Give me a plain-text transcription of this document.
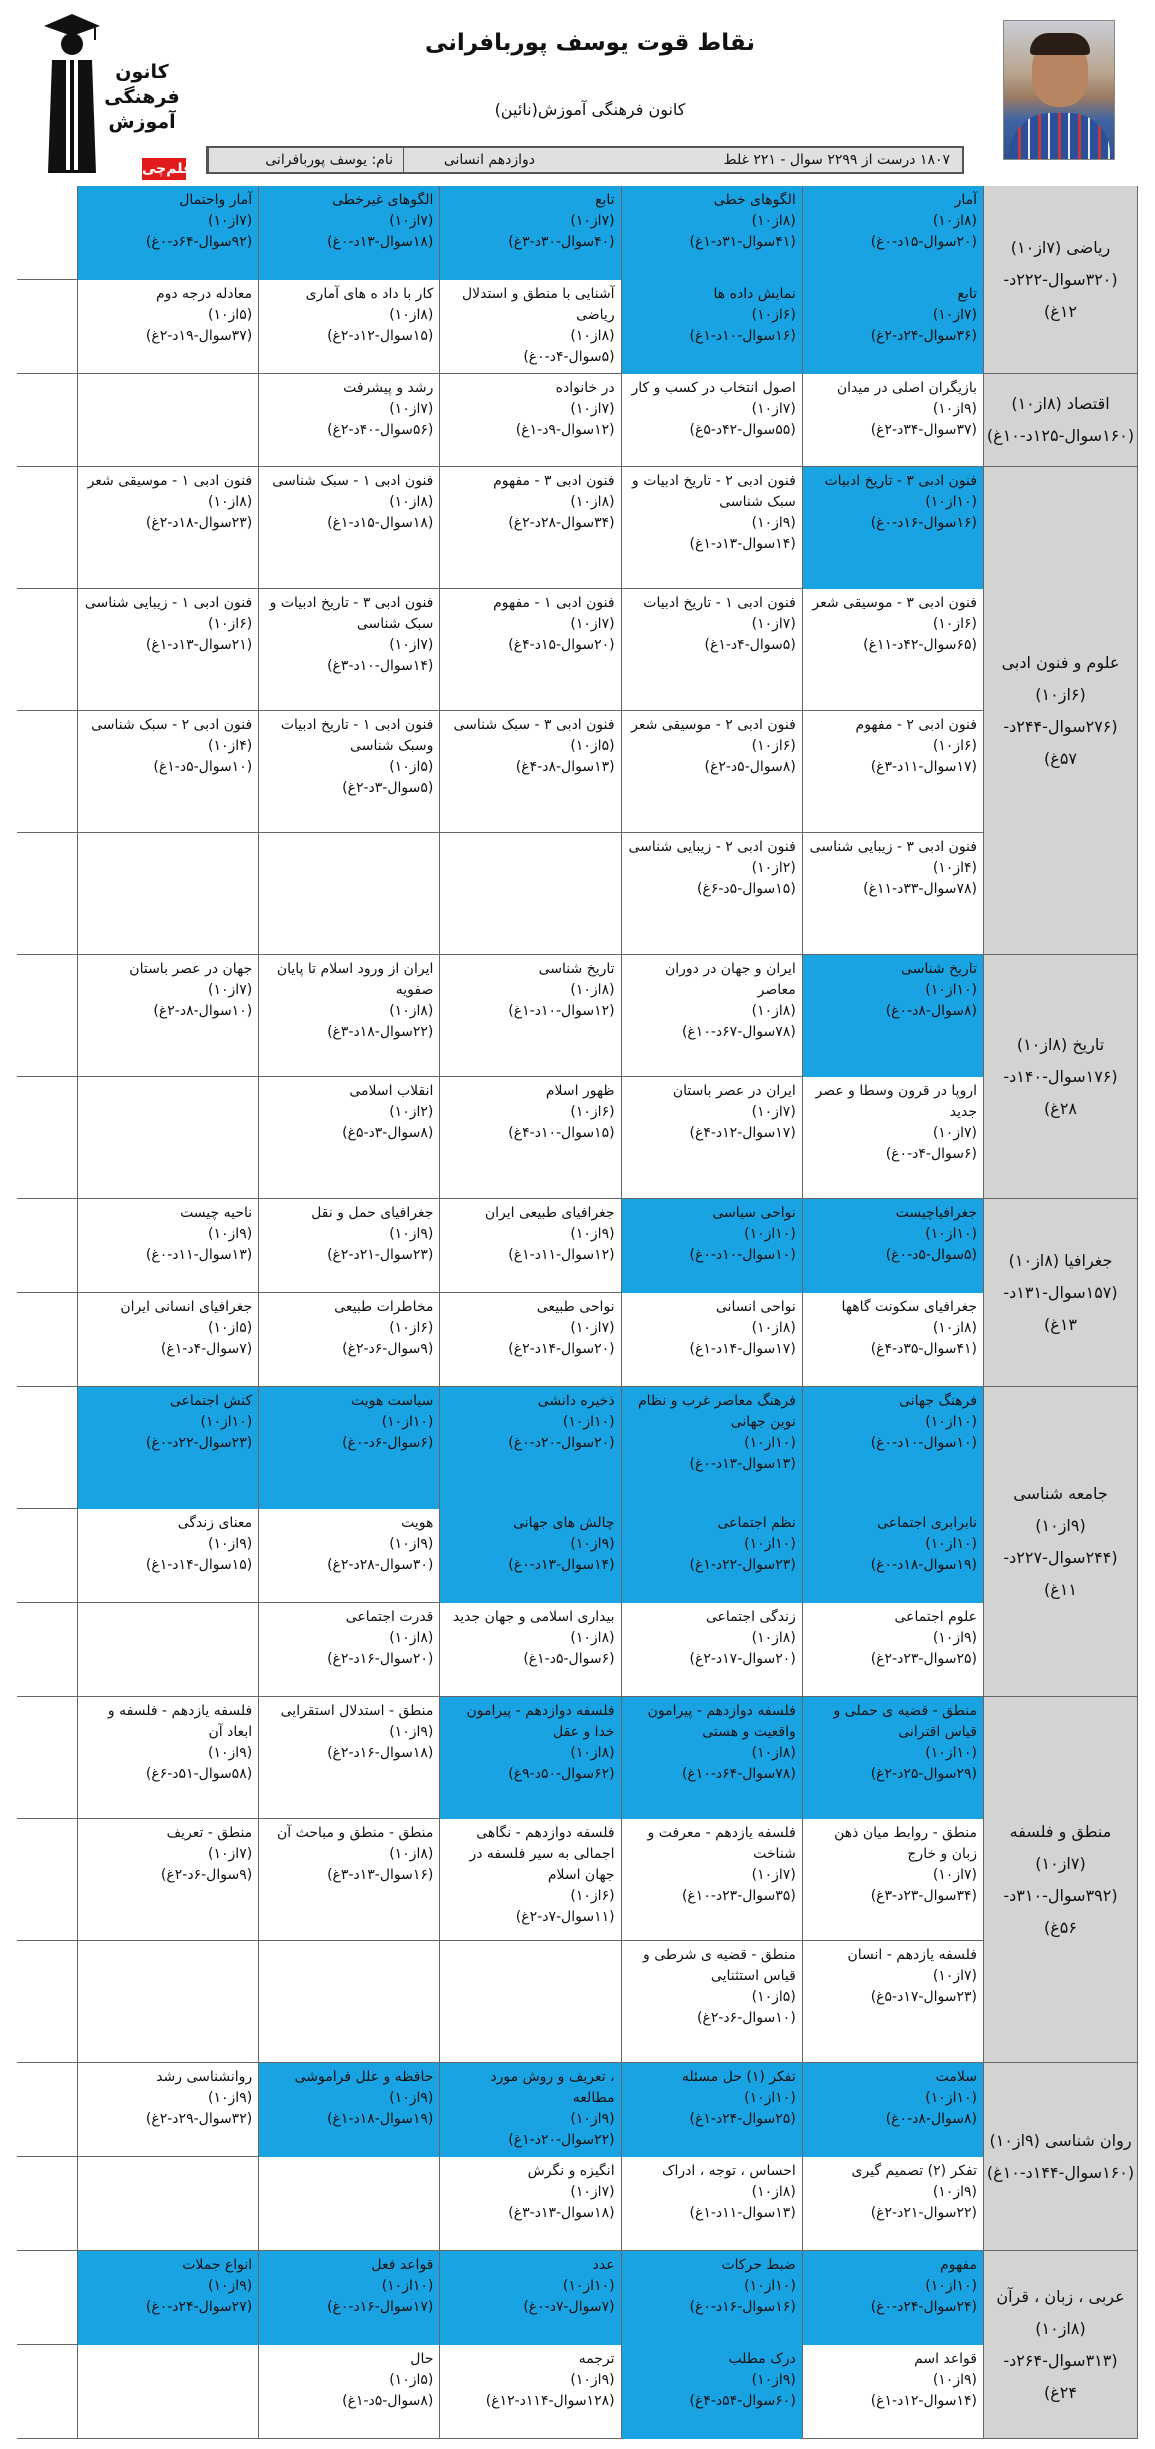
کانون
فرهنگی
آموزش
قلم‌چی
نقاط قوت یوسف پوربافرانی
کانون فرهنگی آموزش(نائین)
نام: یوسف پوربافرانی	دوازدهم انسانی	۱۸۰۷ درست از ۲۲۹۹ سوال - ۲۲۱ غلط
ریاضی (۷از۱۰)
(۳۲۰سوال-۲۲۲د-
۱۲غ)
آمار
(۸از۱۰)
(۲۰سوال-۱۵د-۰غ)
الگوهای خطی
(۸از۱۰)
(۴۱سوال-۳۱د-۱غ)
تابع
(۷از۱۰)
(۴۰سوال-۳۰د-۳غ)
الگوهای غیرخطی
(۷از۱۰)
(۱۸سوال-۱۳د-۰غ)
آمار واحتمال
(۷از۱۰)
(۹۲سوال-۶۴د-۰غ)
تابع
(۷از۱۰)
(۳۶سوال-۲۴د-۲غ)
نمایش داده ها
(۶از۱۰)
(۱۶سوال-۱۰د-۱غ)
آشنایی با منطق و استدلال ریاضی
(۸از۱۰)
(۵سوال-۴د-۰غ)
کار با داد ه های آماری
(۸از۱۰)
(۱۵سوال-۱۲د-۲غ)
معادله درجه دوم
(۵از۱۰)
(۳۷سوال-۱۹د-۲غ)
اقتصاد (۸از۱۰)
(۱۶۰سوال-۱۲۵د-۱۰غ)
بازیگران اصلی در میدان
(۹از۱۰)
(۳۷سوال-۳۴د-۲غ)
اصول انتخاب در کسب و کار
(۷از۱۰)
(۵۵سوال-۴۲د-۵غ)
در خانواده
(۷از۱۰)
(۱۲سوال-۹د-۱غ)
رشد و پیشرفت
(۷از۱۰)
(۵۶سوال-۴۰د-۲غ)
علوم و فنون ادبی
(۶از۱۰)
(۲۷۶سوال-۲۴۴د-
۵۷غ)
فنون ادبی ۳ - تاریخ ادبیات
(۱۰از۱۰)
(۱۶سوال-۱۶د-۰غ)
فنون ادبی ۲ - تاریخ ادبیات و سبک شناسی
(۹از۱۰)
(۱۴سوال-۱۳د-۱غ)
فنون ادبی ۳ - مفهوم
(۸از۱۰)
(۳۴سوال-۲۸د-۲غ)
فنون ادبی ۱ - سبک شناسی
(۸از۱۰)
(۱۸سوال-۱۵د-۱غ)
فنون ادبی ۱ - موسیقی شعر
(۸از۱۰)
(۲۳سوال-۱۸د-۲غ)
فنون ادبی ۳ - موسیقی شعر
(۶از۱۰)
(۶۵سوال-۴۲د-۱۱غ)
فنون ادبی ۱ - تاریخ ادبیات
(۷از۱۰)
(۵سوال-۴د-۱غ)
فنون ادبی ۱ - مفهوم
(۷از۱۰)
(۲۰سوال-۱۵د-۴غ)
فنون ادبی ۳ - تاریخ ادبیات و سبک شناسی
(۷از۱۰)
(۱۴سوال-۱۰د-۳غ)
فنون ادبی ۱ - زیبایی شناسی
(۶از۱۰)
(۲۱سوال-۱۳د-۱غ)
فنون ادبی ۲ - مفهوم
(۶از۱۰)
(۱۷سوال-۱۱د-۳غ)
فنون ادبی ۲ - موسیقی شعر
(۶از۱۰)
(۸سوال-۵د-۲غ)
فنون ادبی ۳ - سبک شناسی
(۵از۱۰)
(۱۳سوال-۸د-۴غ)
فنون ادبی ۱ - تاریخ ادبیات وسبک شناسی
(۵از۱۰)
(۵سوال-۳د-۲غ)
فنون ادبی ۲ - سبک شناسی
(۴از۱۰)
(۱۰سوال-۵د-۱غ)
فنون ادبی ۳ - زیبایی شناسی
(۴از۱۰)
(۷۸سوال-۳۳د-۱۱غ)
فنون ادبی ۲ - زیبایی شناسی
(۲از۱۰)
(۱۵سوال-۵د-۶غ)
تاریخ (۸از۱۰)
(۱۷۶سوال-۱۴۰د-
۲۸غ)
تاریخ شناسی
(۱۰از۱۰)
(۸سوال-۸د-۰غ)
ایران و جهان در دوران معاصر
(۸از۱۰)
(۷۸سوال-۶۷د-۱۰غ)
تاریخ شناسی
(۸از۱۰)
(۱۲سوال-۱۰د-۱غ)
ایران از ورود اسلام تا پایان صفویه
(۸از۱۰)
(۲۲سوال-۱۸د-۳غ)
جهان در عصر باستان
(۷از۱۰)
(۱۰سوال-۸د-۲غ)
اروپا در قرون وسطا و عصر جدید
(۷از۱۰)
(۶سوال-۴د-۰غ)
ایران در عصر باستان
(۷از۱۰)
(۱۷سوال-۱۲د-۴غ)
ظهور اسلام
(۶از۱۰)
(۱۵سوال-۱۰د-۴غ)
انقلاب اسلامی
(۲از۱۰)
(۸سوال-۳د-۵غ)
جغرافیا (۸از۱۰)
(۱۵۷سوال-۱۳۱د-
۱۳غ)
جغرافیاچیست
(۱۰از۱۰)
(۵سوال-۵د-۰غ)
نواحی سیاسی
(۱۰از۱۰)
(۱۰سوال-۱۰د-۰غ)
جغرافیای طبیعی ایران
(۹از۱۰)
(۱۲سوال-۱۱د-۱غ)
جغرافیای حمل و نقل
(۹از۱۰)
(۲۳سوال-۲۱د-۲غ)
ناحیه چیست
(۹از۱۰)
(۱۳سوال-۱۱د-۰غ)
جغرافیای سکونت گاهها
(۸از۱۰)
(۴۱سوال-۳۵د-۴غ)
نواحی انسانی
(۸از۱۰)
(۱۷سوال-۱۴د-۱غ)
نواحی طبیعی
(۷از۱۰)
(۲۰سوال-۱۴د-۲غ)
مخاطرات طبیعی
(۶از۱۰)
(۹سوال-۶د-۲غ)
جغرافیای انسانی ایران
(۵از۱۰)
(۷سوال-۴د-۱غ)
جامعه شناسی (۹از۱۰)
(۲۴۴سوال-۲۲۷د-
۱۱غ)
فرهنگ جهانی
(۱۰از۱۰)
(۱۰سوال-۱۰د-۰غ)
فرهنگ معاصر غرب و نظام نوین جهانی
(۱۰از۱۰)
(۱۳سوال-۱۳د-۰غ)
ذخیره دانشی
(۱۰از۱۰)
(۲۰سوال-۲۰د-۰غ)
سیاست هویت
(۱۰از۱۰)
(۶سوال-۶د-۰غ)
کنش اجتماعی
(۱۰از۱۰)
(۲۳سوال-۲۲د-۰غ)
نابرابری اجتماعی
(۱۰از۱۰)
(۱۹سوال-۱۸د-۰غ)
نظم اجتماعی
(۱۰از۱۰)
(۲۳سوال-۲۲د-۱غ)
چالش های جهانی
(۹از۱۰)
(۱۴سوال-۱۳د-۰غ)
هویت
(۹از۱۰)
(۳۰سوال-۲۸د-۲غ)
معنای زندگی
(۹از۱۰)
(۱۵سوال-۱۴د-۱غ)
علوم اجتماعی
(۹از۱۰)
(۲۵سوال-۲۳د-۲غ)
زندگی اجتماعی
(۸از۱۰)
(۲۰سوال-۱۷د-۲غ)
بیداری اسلامی و جهان جدید
(۸از۱۰)
(۶سوال-۵د-۱غ)
قدرت اجتماعی
(۸از۱۰)
(۲۰سوال-۱۶د-۲غ)
منطق و فلسفه (۷از۱۰)
(۳۹۲سوال-۳۱۰د-
۵۶غ)
منطق - قضیه ی حملی و قیاس اقترانی
(۱۰از۱۰)
(۲۹سوال-۲۵د-۲غ)
فلسفه دوازدهم - پیرامون واقعیت و هستی
(۸از۱۰)
(۷۸سوال-۶۴د-۱۰غ)
فلسفه دوازدهم - پیرامون خدا و عقل
(۸از۱۰)
(۶۲سوال-۵۰د-۹غ)
منطق - استدلال استقرایی
(۹از۱۰)
(۱۸سوال-۱۶د-۲غ)
فلسفه یازدهم - فلسفه و ابعاد آن
(۹از۱۰)
(۵۸سوال-۵۱د-۶غ)
منطق - روابط میان ذهن زبان و خارج
(۷از۱۰)
(۳۴سوال-۲۳د-۳غ)
فلسفه یازدهم - معرفت و شناخت
(۷از۱۰)
(۳۵سوال-۲۳د-۱۰غ)
فلسفه دوازدهم - نگاهی اجمالی به سیر فلسفه در جهان اسلام
(۶از۱۰)
(۱۱سوال-۷د-۲غ)
منطق - منطق و مباحث آن
(۸از۱۰)
(۱۶سوال-۱۳د-۳غ)
منطق - تعریف
(۷از۱۰)
(۹سوال-۶د-۲غ)
فلسفه یازدهم - انسان
(۷از۱۰)
(۲۳سوال-۱۷د-۵غ)
منطق - قضیه ی شرطی و قیاس استثنایی
(۵از۱۰)
(۱۰سوال-۶د-۲غ)
روان شناسی (۹از۱۰)
(۱۶۰سوال-۱۴۴د-۱۰غ)
سلامت
(۱۰از۱۰)
(۸سوال-۸د-۰غ)
تفکر (۱) حل مسئله
(۱۰از۱۰)
(۲۵سوال-۲۴د-۱غ)
، تعریف و روش مورد مطالعه
(۹از۱۰)
(۲۲سوال-۲۰د-۱غ)
حافظه و علل فراموشی
(۹از۱۰)
(۱۹سوال-۱۸د-۱غ)
روانشناسی رشد
(۹از۱۰)
(۳۲سوال-۲۹د-۲غ)
تفکر (۲) تصمیم گیری
(۹از۱۰)
(۲۲سوال-۲۱د-۲غ)
احساس ، توجه ، ادراک
(۸از۱۰)
(۱۳سوال-۱۱د-۱غ)
انگیزه و نگرش
(۷از۱۰)
(۱۸سوال-۱۳د-۳غ)
عربی ، زبان ، قرآن
(۸از۱۰)
(۳۱۳سوال-۲۶۴د-
۲۴غ)
مفهوم
(۱۰از۱۰)
(۲۴سوال-۲۴د-۰غ)
ضبط حرکات
(۱۰از۱۰)
(۱۶سوال-۱۶د-۰غ)
عدد
(۱۰از۱۰)
(۷سوال-۷د-۰غ)
قواعد فعل
(۱۰از۱۰)
(۱۷سوال-۱۶د-۰غ)
انواع جملات
(۹از۱۰)
(۲۷سوال-۲۴د-۰غ)
قواعد اسم
(۹از۱۰)
(۱۴سوال-۱۲د-۱غ)
درک مطلب
(۹از۱۰)
(۶۰سوال-۵۴د-۴غ)
ترجمه
(۹از۱۰)
(۱۲۸سوال-۱۱۴د-۱۲غ)
حال
(۵از۱۰)
(۸سوال-۵د-۱غ)
